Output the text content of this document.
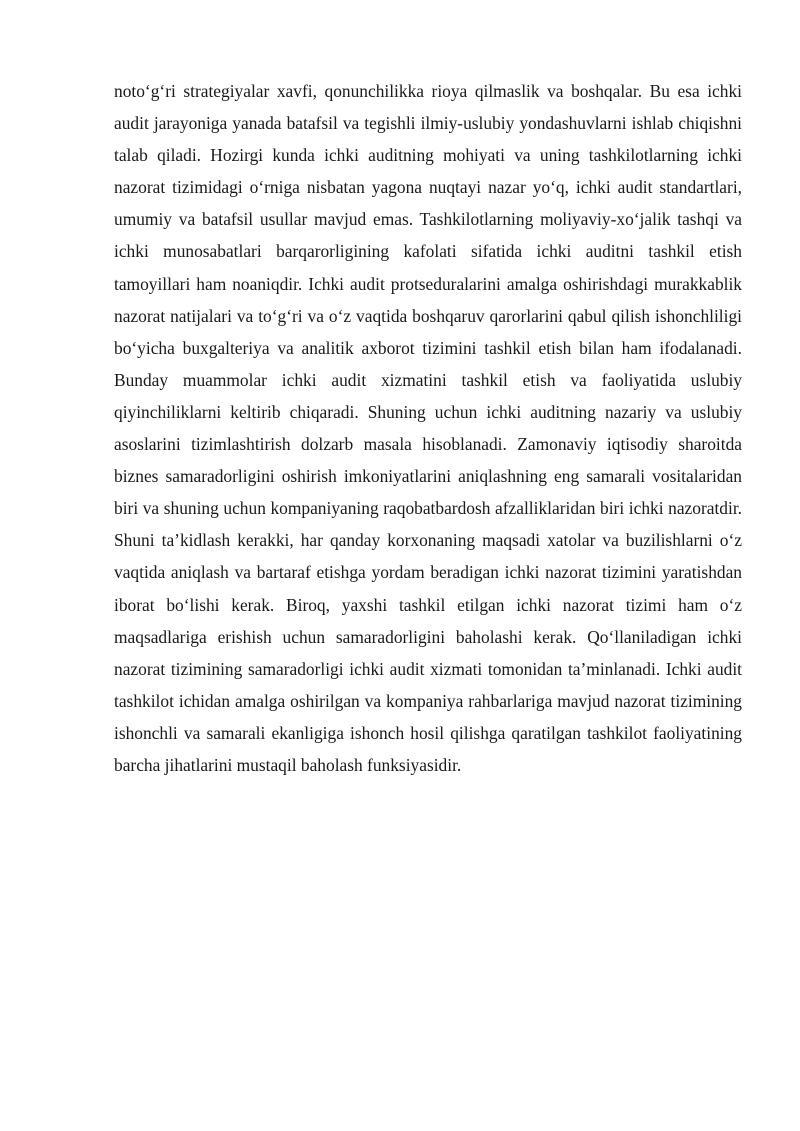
noto‘g‘ri strategiyalar xavfi, qonunchilikka rioya qilmaslik va boshqalar. Bu esa ichki audit jarayoniga yanada batafsil va tegishli ilmiy-uslubiy yondashuvlarni ishlab chiqishni talab qiladi. Hozirgi kunda ichki auditning mohiyati va uning tashkilotlarning ichki nazorat tizimidagi o‘rniga nisbatan yagona nuqtayi nazar yo‘q, ichki audit standartlari, umumiy va batafsil usullar mavjud emas. Tashkilotlarning moliyaviy-xo‘jalik tashqi va ichki munosabatlari barqarorligining kafolati sifatida ichki auditni tashkil etish tamoyillari ham noaniqdir. Ichki audit protseduralarini amalga oshirishdagi murakkablik nazorat natijalari va to‘g‘ri va o‘z vaqtida boshqaruv qarorlarini qabul qilish ishonchliligi bo‘yicha buxgalteriya va analitik axborot tizimini tashkil etish bilan ham ifodalanadi. Bunday muammolar ichki audit xizmatini tashkil etish va faoliyatida uslubiy qiyinchiliklarni keltirib chiqaradi. Shuning uchun ichki auditning nazariy va uslubiy asoslarini tizimlashtirish dolzarb masala hisoblanadi. Zamonaviy iqtisodiy sharoitda biznes samaradorligini oshirish imkoniyatlarini aniqlashning eng samarali vositalaridan biri va shuning uchun kompaniyaning raqobatbardosh afzalliklaridan biri ichki nazoratdir. Shuni ta’kidlash kerakki, har qanday korxonaning maqsadi xatolar va buzilishlarni o‘z vaqtida aniqlash va bartaraf etishga yordam beradigan ichki nazorat tizimini yaratishdan iborat bo‘lishi kerak. Biroq, yaxshi tashkil etilgan ichki nazorat tizimi ham o‘z maqsadlariga erishish uchun samaradorligini baholashi kerak. Qo‘llaniladigan ichki nazorat tizimining samaradorligi ichki audit xizmati tomonidan ta’minlanadi. Ichki audit tashkilot ichidan amalga oshirilgan va kompaniya rahbarlariga mavjud nazorat tizimining ishonchli va samarali ekanligiga ishonch hosil qilishga qaratilgan tashkilot faoliyatining barcha jihatlarini mustaqil baholash funksiyasidir.
